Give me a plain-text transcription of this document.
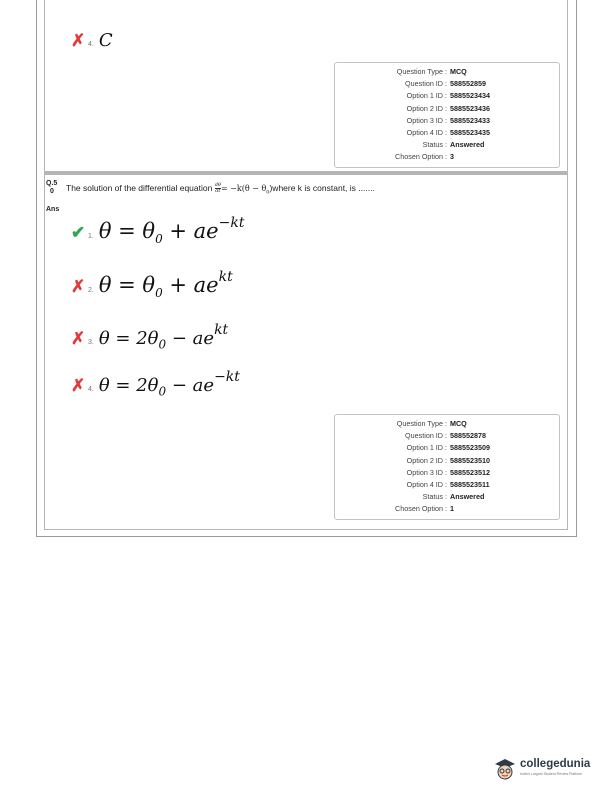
✗ 4. C
Question Type : MCQ
Question ID : 588552859
Option 1 ID : 5885523434
Option 2 ID : 5885523436
Option 3 ID : 5885523433
Option 4 ID : 5885523435
Status : Answered
Chosen Option : 3
Q.5
0	The solution of the differential equation $\frac{d\theta}{dt} = -k(\theta$ − $\theta_0)where$ k is constant, is .......
Ans
✔ 1. $\theta = \theta_0 + ae^{-kt}$
✗ 2. $\theta = \theta_0 + ae^{kt}$
✗ 3. $\theta = 2\theta_0 - ae^{kt}$
✗ 4. $\theta = 2\theta_0 - ae^{-kt}$
Question Type : MCQ
Question ID : 588552878
Option 1 ID : 5885523509
Option 2 ID : 5885523510
Option 3 ID : 5885523512
Option 4 ID : 5885523511
Status : Answered
Chosen Option : 1
collegedunia
India's Largest Student Review Platform
